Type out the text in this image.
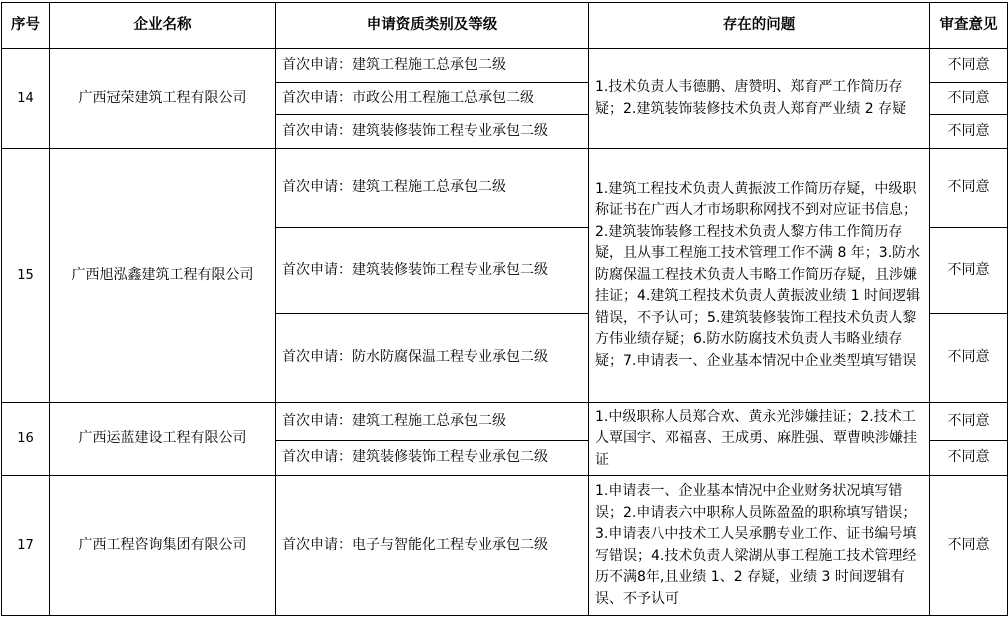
序号	企业名称	申请资质类别及等级	存在的问题	审查意见
14	广西冠荣建筑工程有限公司	首次申请：建筑工程施工总承包二级	1.技术负责人韦德鹏、唐赞明、郑育严工作简历存疑；2.建筑装饰装修技术负责人郑育严业绩 2 存疑	不同意
		首次申请：市政公用工程施工总承包二级		不同意
		首次申请：建筑装修装饰工程专业承包二级		不同意
15	广西旭泓鑫建筑工程有限公司	首次申请：建筑工程施工总承包二级	1.建筑工程技术负责人黄振波工作简历存疑，中级职称证书在广西人才市场职称网找不到对应证书信息；2.建筑装饰装修工程技术负责人黎方伟工作简历存疑，且从事工程施工技术管理工作不满 8 年；3.防水防腐保温工程技术负责人韦略工作简历存疑，且涉嫌挂证；4.建筑工程技术负责人黄振波业绩 1 时间逻辑错误，不予认可；5.建筑装修装饰工程技术负责人黎方伟业绩存疑；6.防水防腐技术负责人韦略业绩存疑；7.申请表一、企业基本情况中企业类型填写错误	不同意
		首次申请：建筑装修装饰工程专业承包二级		不同意
		首次申请：防水防腐保温工程专业承包二级		不同意
16	广西运蓝建设工程有限公司	首次申请：建筑工程施工总承包二级	1.中级职称人员郑合欢、黄永光涉嫌挂证；2.技术工人覃国宇、邓福喜、王成勇、麻胜强、覃曹映涉嫌挂证	不同意
		首次申请：建筑装修装饰工程专业承包二级		不同意
17	广西工程咨询集团有限公司	首次申请：电子与智能化工程专业承包二级	1.申请表一、企业基本情况中企业财务状况填写错误；2.申请表六中职称人员陈盈盈的职称填写错误；3.申请表八中技术工人吴承鹏专业工作、证书编号填写错误；4.技术负责人梁湖从事工程施工技术管理经历不满8年,且业绩 1、2 存疑，业绩 3 时间逻辑有误、不予认可	不同意
